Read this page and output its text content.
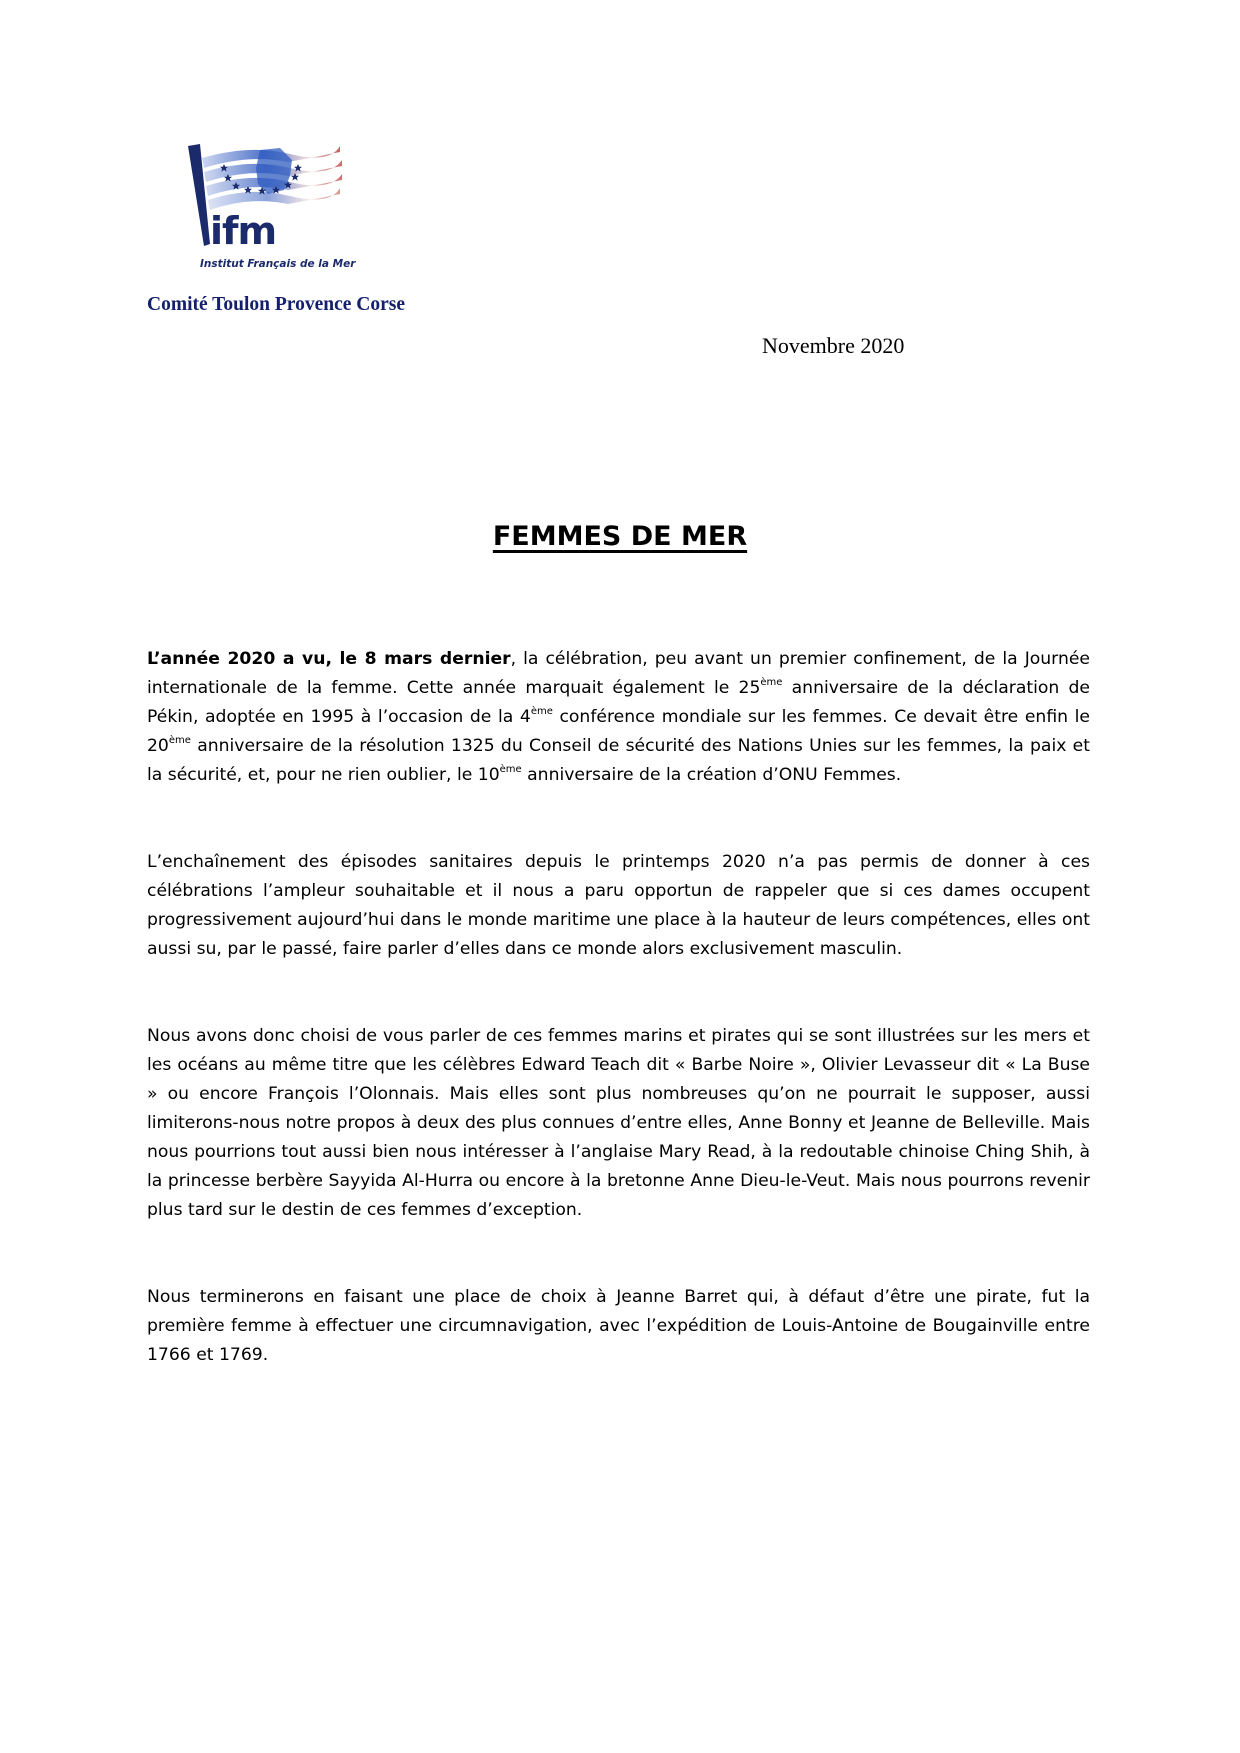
ifm
Institut Français de la Mer
Comité Toulon Provence Corse
Novembre 2020
FEMMES DE MER

L’année 2020 a vu, le 8 mars dernier, la célébration, peu avant un premier confinement, de la Journée internationale de la femme. Cette année marquait également le 25ème anniversaire de la déclaration de Pékin, adoptée en 1995 à l’occasion de la 4ème conférence mondiale sur les femmes. Ce devait être enfin le 20ème anniversaire de la résolution 1325 du Conseil de sécurité des Nations Unies sur les femmes, la paix et la sécurité, et, pour ne rien oublier, le 10ème anniversaire de la création d’ONU Femmes.

L’enchaînement des épisodes sanitaires depuis le printemps 2020 n’a pas permis de donner à ces célébrations l’ampleur souhaitable et il nous a paru opportun de rappeler que si ces dames occupent progressivement aujourd’hui dans le monde maritime une place à la hauteur de leurs compétences, elles ont aussi su, par le passé, faire parler d’elles dans ce monde alors exclusivement masculin.

Nous avons donc choisi de vous parler de ces femmes marins et pirates qui se sont illustrées sur les mers et les océans au même titre que les célèbres Edward Teach dit « Barbe Noire », Olivier Levasseur dit « La Buse » ou encore François l’Olonnais. Mais elles sont plus nombreuses qu’on ne pourrait le supposer, aussi limiterons-nous notre propos à deux des plus connues d’entre elles, Anne Bonny et Jeanne de Belleville. Mais nous pourrions tout aussi bien nous intéresser à l’anglaise Mary Read, à la redoutable chinoise Ching Shih, à la princesse berbère Sayyida Al-Hurra ou encore à la bretonne Anne Dieu-le-Veut. Mais nous pourrons revenir plus tard sur le destin de ces femmes d’exception.

Nous terminerons en faisant une place de choix à Jeanne Barret qui, à défaut d’être une pirate, fut la première femme à effectuer une circumnavigation, avec l’expédition de Louis-Antoine de Bougainville entre 1766 et 1769.
